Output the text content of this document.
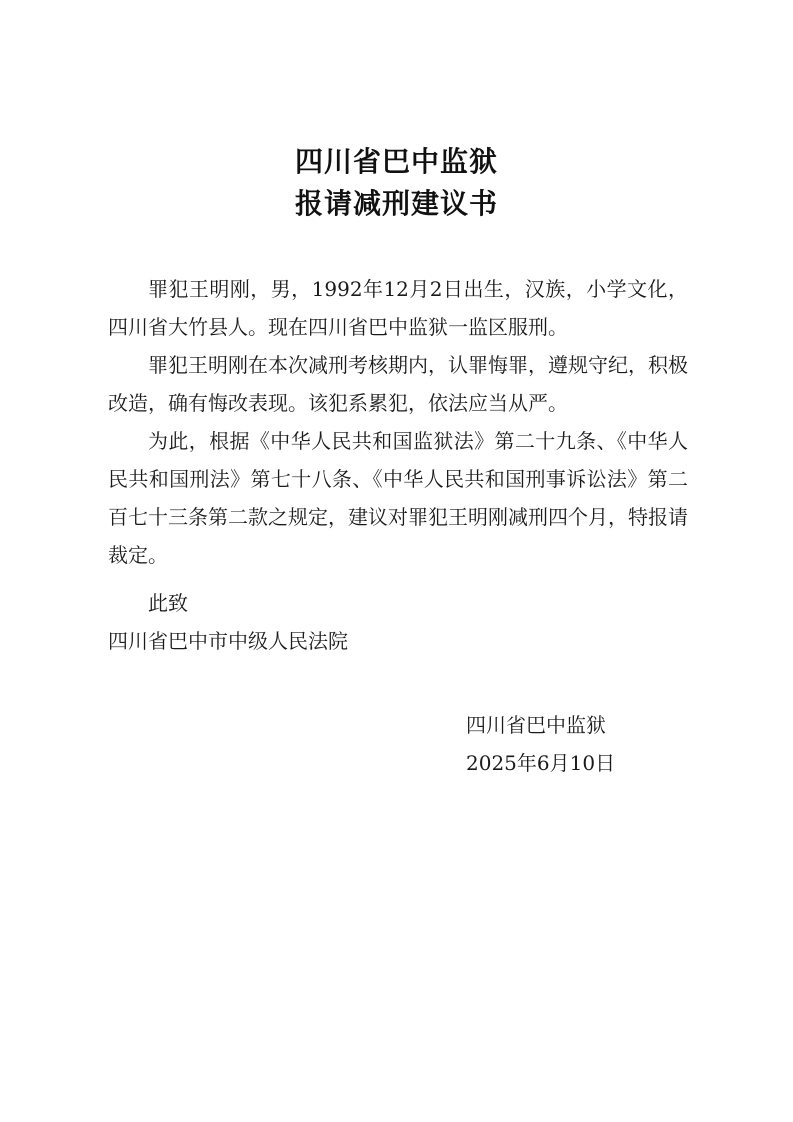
四川省巴中监狱
报请减刑建议书

罪犯王明刚，男，1992年12月2日出生，汉族，小学文化，四川省大竹县人。现在四川省巴中监狱一监区服刑。

罪犯王明刚在本次减刑考核期内，认罪悔罪，遵规守纪，积极改造，确有悔改表现。该犯系累犯，依法应当从严。

为此，根据《中华人民共和国监狱法》第二十九条、《中华人民共和国刑法》第七十八条、《中华人民共和国刑事诉讼法》第二百七十三条第二款之规定，建议对罪犯王明刚减刑四个月，特报请裁定。

此致
四川省巴中市中级人民法院
四川省巴中监狱
2025年6月10日
